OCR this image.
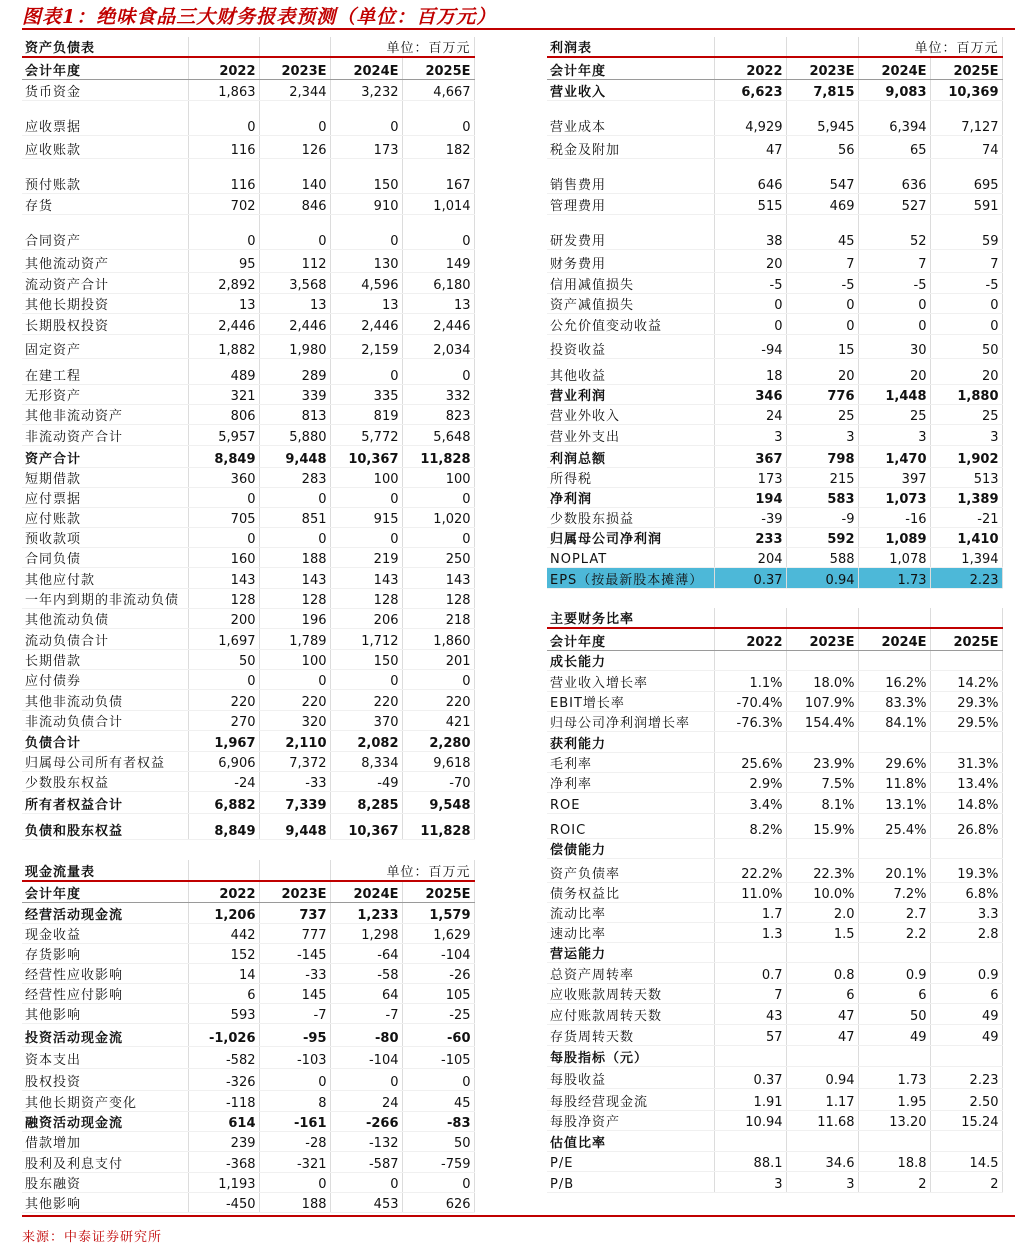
图表1：绝味食品三大财务报表预测（单位：百万元）
资产负债表			单位：百万元	
会计年度	2022	2023E	2024E	2025E
货币资金	1,863	2,344	3,232	4,667
应收票据	0	0	0	0
应收账款	116	126	173	182
预付账款	116	140	150	167
存货	702	846	910	1,014
合同资产	0	0	0	0
其他流动资产	95	112	130	149
流动资产合计	2,892	3,568	4,596	6,180
其他长期投资	13	13	13	13
长期股权投资	2,446	2,446	2,446	2,446
固定资产	1,882	1,980	2,159	2,034
在建工程	489	289	0	0
无形资产	321	339	335	332
其他非流动资产	806	813	819	823
非流动资产合计	5,957	5,880	5,772	5,648
资产合计	8,849	9,448	10,367	11,828
短期借款	360	283	100	100
应付票据	0	0	0	0
应付账款	705	851	915	1,020
预收款项	0	0	0	0
合同负债	160	188	219	250
其他应付款	143	143	143	143
一年内到期的非流动负债	128	128	128	128
其他流动负债	200	196	206	218
流动负债合计	1,697	1,789	1,712	1,860
长期借款	50	100	150	201
应付债券	0	0	0	0
其他非流动负债	220	220	220	220
非流动负债合计	270	320	370	421
负债合计	1,967	2,110	2,082	2,280
归属母公司所有者权益	6,906	7,372	8,334	9,618
少数股东权益	-24	-33	-49	-70
所有者权益合计	6,882	7,339	8,285	9,548
负债和股东权益	8,849	9,448	10,367	11,828
利润表			单位：百万元	
会计年度	2022	2023E	2024E	2025E
营业收入	6,623	7,815	9,083	10,369
营业成本	4,929	5,945	6,394	7,127
税金及附加	47	56	65	74
销售费用	646	547	636	695
管理费用	515	469	527	591
研发费用	38	45	52	59
财务费用	20	7	7	7
信用减值损失	-5	-5	-5	-5
资产减值损失	0	0	0	0
公允价值变动收益	0	0	0	0
投资收益	-94	15	30	50
其他收益	18	20	20	20
营业利润	346	776	1,448	1,880
营业外收入	24	25	25	25
营业外支出	3	3	3	3
利润总额	367	798	1,470	1,902
所得税	173	215	397	513
净利润	194	583	1,073	1,389
少数股东损益	-39	-9	-16	-21
归属母公司净利润	233	592	1,089	1,410
NOPLAT	204	588	1,078	1,394
EPS（按最新股本摊薄）	0.37	0.94	1.73	2.23
主要财务比率				
会计年度	2022	2023E	2024E	2025E
成长能力				
营业收入增长率	1.1%	18.0%	16.2%	14.2%
EBIT增长率	-70.4%	107.9%	83.3%	29.3%
归母公司净利润增长率	-76.3%	154.4%	84.1%	29.5%
获利能力				
毛利率	25.6%	23.9%	29.6%	31.3%
净利率	2.9%	7.5%	11.8%	13.4%
ROE	3.4%	8.1%	13.1%	14.8%
ROIC	8.2%	15.9%	25.4%	26.8%
偿债能力				
资产负债率	22.2%	22.3%	20.1%	19.3%
债务权益比	11.0%	10.0%	7.2%	6.8%
流动比率	1.7	2.0	2.7	3.3
速动比率	1.3	1.5	2.2	2.8
营运能力				
总资产周转率	0.7	0.8	0.9	0.9
应收账款周转天数	7	6	6	6
应付账款周转天数	43	47	50	49
存货周转天数	57	47	49	49
每股指标（元）				
每股收益	0.37	0.94	1.73	2.23
每股经营现金流	1.91	1.17	1.95	2.50
每股净资产	10.94	11.68	13.20	15.24
估值比率				
P/E	88.1	34.6	18.8	14.5
P/B	3	3	2	2
现金流量表			单位：百万元	
会计年度	2022	2023E	2024E	2025E
经营活动现金流	1,206	737	1,233	1,579
现金收益	442	777	1,298	1,629
存货影响	152	-145	-64	-104
经营性应收影响	14	-33	-58	-26
经营性应付影响	6	145	64	105
其他影响	593	-7	-7	-25
投资活动现金流	-1,026	-95	-80	-60
资本支出	-582	-103	-104	-105
股权投资	-326	0	0	0
其他长期资产变化	-118	8	24	45
融资活动现金流	614	-161	-266	-83
借款增加	239	-28	-132	50
股利及利息支付	-368	-321	-587	-759
股东融资	1,193	0	0	0
其他影响	-450	188	453	626
来源：中泰证券研究所
